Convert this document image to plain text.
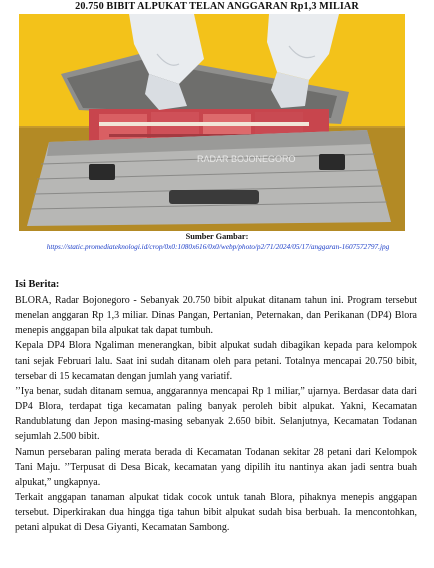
20.750 BIBIT ALPUKAT TELAN ANGGARAN Rp1,3 MILIAR
RADAR BOJONEGORO
Sumber Gambar:
https://static.promediateknologi.id/crop/0x0:1080x616/0x0/webp/photo/p2/71/2024/05/17/anggaran-1607572797.jpg
Isi Berita:

BLORA, Radar Bojonegoro - Sebanyak 20.750 bibit alpukat ditanam tahun ini. Program tersebut menelan anggaran Rp 1,3 miliar. Dinas Pangan, Pertanian, Peternakan, dan Perikanan (DP4) Blora menepis anggapan bila alpukat tak dapat tumbuh.

Kepala DP4 Blora Ngaliman menerangkan, bibit alpukat sudah dibagikan kepada para kelompok tani sejak Februari lalu. Saat ini sudah ditanam oleh para petani. Totalnya mencapai 20.750 bibit, tersebar di 15 kecamatan dengan jumlah yang variatif.

’’Iya benar, sudah ditanam semua, anggarannya mencapai Rp 1 miliar,” ujarnya. Berdasar data dari DP4 Blora, terdapat tiga kecamatan paling banyak peroleh bibit alpukat. Yakni, Kecamatan Randublatung dan Jepon masing-masing sebanyak 2.650 bibit. Selanjutnya, Kecamatan Todanan sejumlah 2.500 bibit.

Namun persebaran paling merata berada di Kecamatan Todanan sekitar 28 petani dari Kelompok Tani Maju. ’’Terpusat di Desa Bicak, kecamatan yang dipilih itu nantinya akan jadi sentra buah alpukat,” ungkapnya.

Terkait anggapan tanaman alpukat tidak cocok untuk tanah Blora, pihaknya menepis anggapan tersebut. Diperkirakan dua hingga tiga tahun bibit alpukat sudah bisa berbuah. Ia mencontohkan, petani alpukat di Desa Giyanti, Kecamatan Sambong.
